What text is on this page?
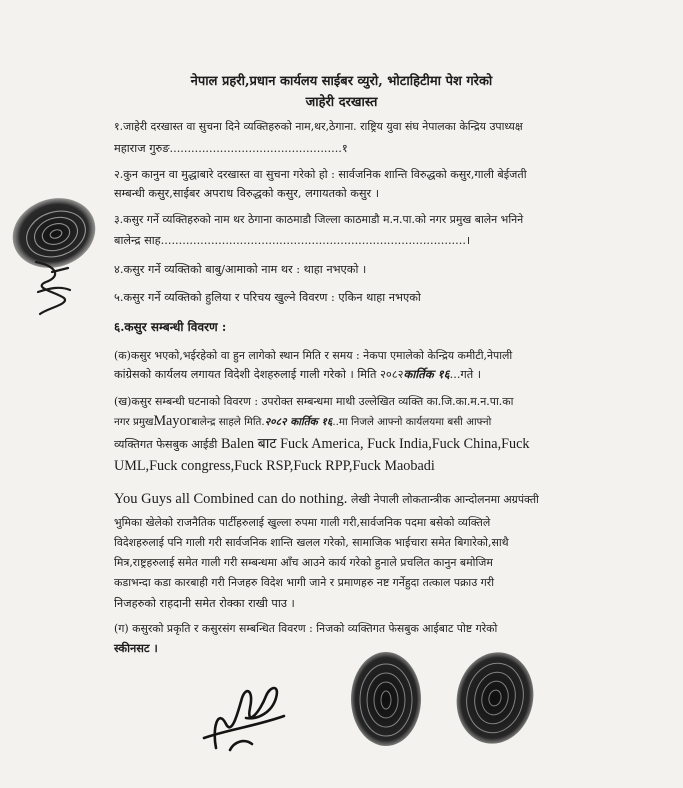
नेपाल प्रहरी,प्रधान कार्यलय साईबर व्युरो, भोटाहिटीमा पेश गरेको
जाहेरी दरखास्त
१.जाहेरी दरखास्त वा सुचना दिने व्यक्तिहरुको नाम,थर,ठेगाना. राष्ट्रिय युवा संघ नेपालका केन्द्रिय उपाध्यक्ष
महाराज गुरुङ................................................१
२.कुन कानुन वा मुद्धाबारे दरखास्त वा सुचना गरेको हो : सार्वजनिक शान्ति विरुद्धको कसुर,गाली बेईजती
सम्बन्धी कसुर,साईबर अपराध विरुद्धको कसुर, लगायतको कसुर ।
३.कसुर गर्ने व्यक्तिहरुको नाम थर ठेगाना काठमाडौ जिल्ला काठमाडौ म.न.पा.को नगर प्रमुख बालेन भनिने
बालेन्द्र साह.....................................................................................।
४.कसुर गर्ने व्यक्तिको बाबु/आमाको नाम थर : थाहा नभएको ।
५.कसुर गर्ने व्यक्तिको हुलिया र परिचय खुल्ने विवरण : एकिन थाहा नभएको
६.कसुर सम्बन्धी विवरण :
(क)कसुर भएको,भईरहेको वा हुन लागेको स्थान मिति र समय : नेकपा एमालेको केन्द्रिय कमीटी,नेपाली
कांग्रेसको कार्यलय लगायत विदेशी देशहरुलाई गाली गरेको । मिति २०८२कार्तिक १६...गते ।
(ख)कसुर सम्बन्धी घटनाको विवरण : उपरोक्त सम्बन्धमा माथी उल्लेखित व्यक्ति का.जि.का.म.न.पा.का
नगर प्रमुखMayorबालेन्द्र साहले मिति.२०८२ कार्तिक १६..मा निजले आफ्नो कार्यलयमा बसी आफ्नो
व्यक्तिगत फेसबुक आईडी Balen बाट Fuck America, Fuck India,Fuck China,Fuck
UML,Fuck congress,Fuck RSP,Fuck RPP,Fuck Maobadi
You Guys all Combined can do nothing. लेखी नेपाली लोकतान्त्रीक आन्दोलनमा अग्रपंक्ती
भुमिका खेलेको राजनैतिक पार्टीहरुलाई खुल्ला रुपमा गाली गरी,सार्वजनिक पदमा बसेको व्यक्तिले
विदेशहरुलाई पनि गाली गरी सार्वजनिक शान्ति खलल गरेको, सामाजिक भाईचारा समेत बिगारेको,साथै
मित्र,राष्ट्रहरुलाई समेत गाली गरी सम्बन्धमा आँच आउने कार्य गरेको हुनाले प्रचलित कानुन बमोजिम
कडाभन्दा कडा कारबाही गरी निजहरु विदेश भागी जाने र प्रमाणहरु नष्ट गर्नेहुदा तत्काल पक्राउ गरी
निजहरुको राहदानी समेत रोक्का राखी पाउ ।
(ग) कसुरको प्रकृति र कसुरसंग सम्बन्धित विवरण : निजको व्यक्तिगत फेसबुक आईबाट पोष्ट गरेको
स्कीनसट ।
